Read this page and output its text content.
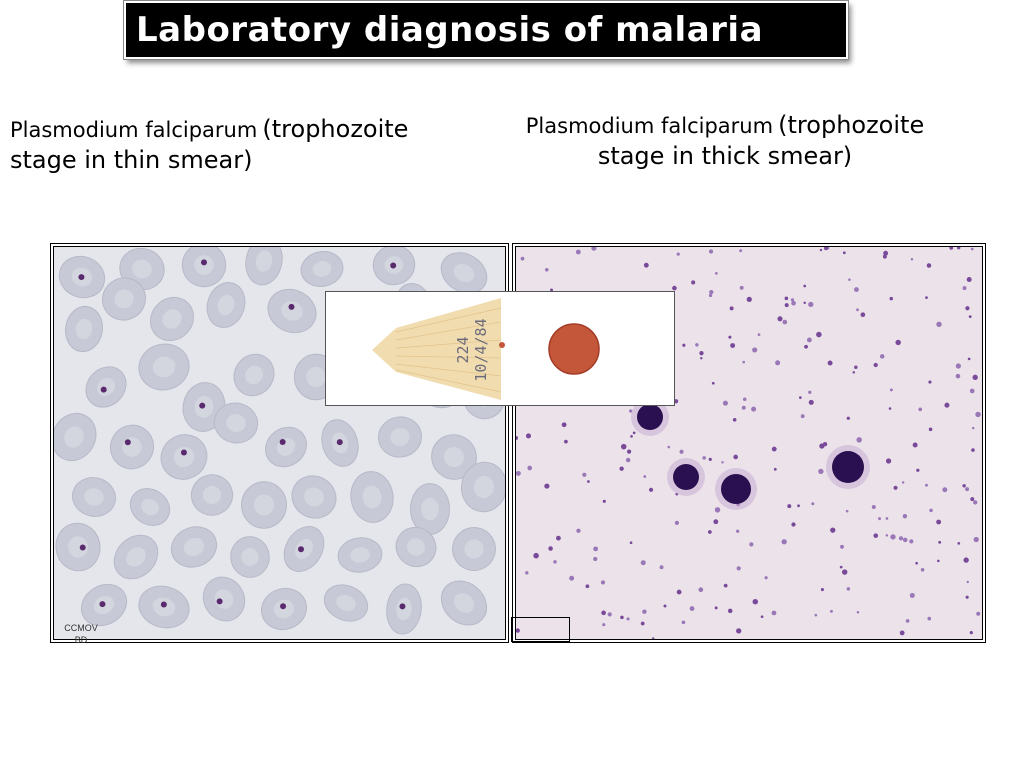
Laboratory diagnosis of malaria
Plasmodium falciparum (trophozoite
stage in thin smear)
Plasmodium falciparum (trophozoite
stage in thick smear)
224 10/4/84
CCMOV
BD
